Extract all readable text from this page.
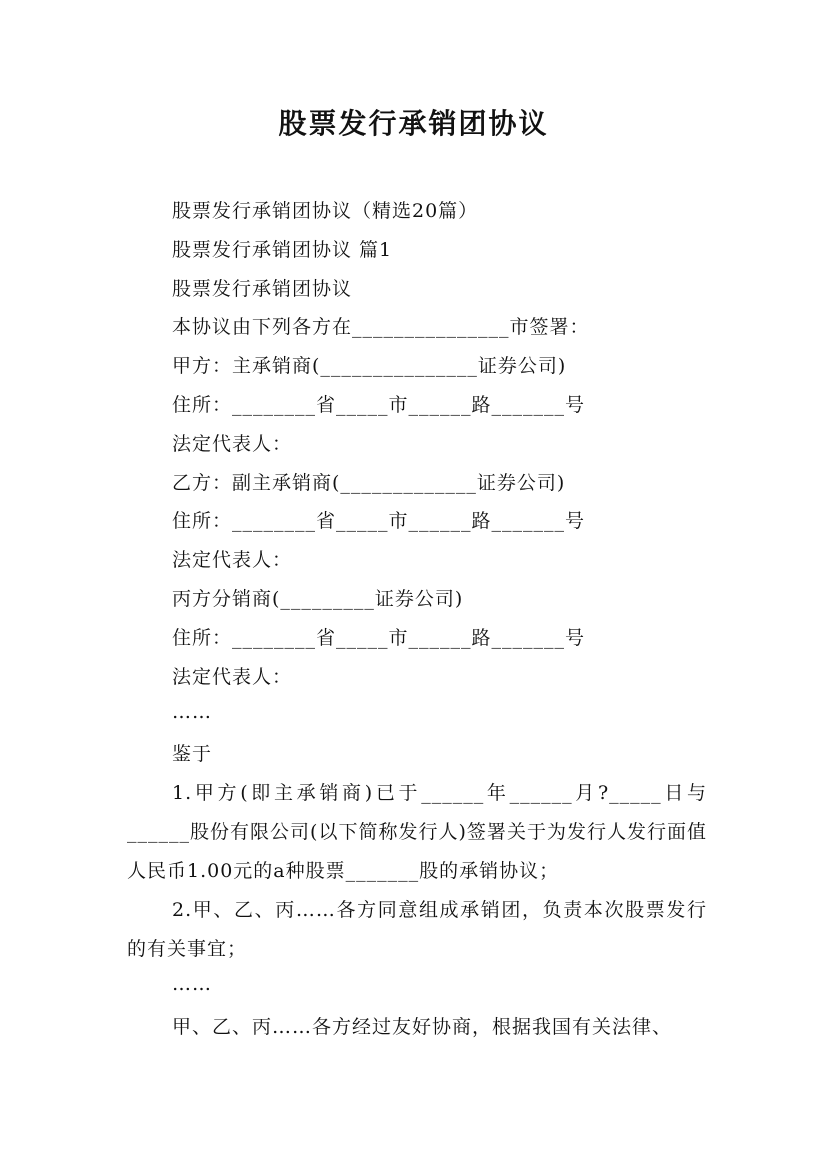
股票发行承销团协议
股票发行承销团协议（精选20篇）
股票发行承销团协议 篇1
股票发行承销团协议
本协议由下列各方在_______________市签署：
甲方：主承销商(_______________证券公司)
住所：________省_____市______路_______号
法定代表人：
乙方：副主承销商(_____________证券公司)
住所：________省_____市______路_______号
法定代表人：
丙方分销商(_________证券公司)
住所：________省_____市______路_______号
法定代表人：
……
鉴于
1.甲方(即主承销商)已于______年______月?_____日与______股份有限公司(以下简称发行人)签署关于为发行人发行面值人民币1.00元的a种股票_______股的承销协议；
2.甲、乙、丙……各方同意组成承销团，负责本次股票发行的有关事宜；
……
甲、乙、丙……各方经过友好协商，根据我国有关法律、
